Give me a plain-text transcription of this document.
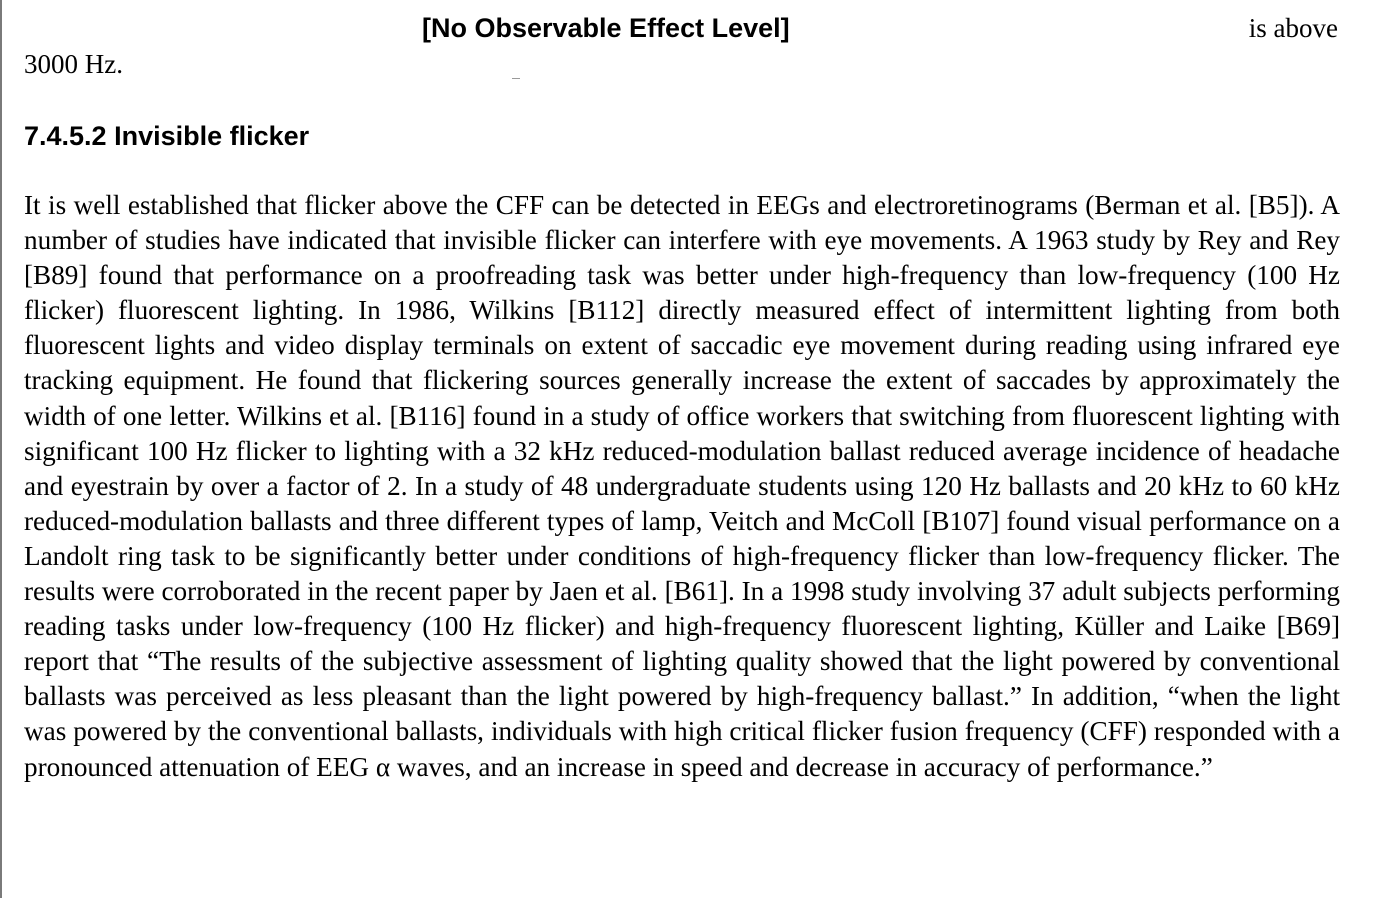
[No Observable Effect Level]	is above
3000 Hz.
7.4.5.2 Invisible flicker

It is well established that flicker above the CFF can be detected in EEGs and electroretinograms (Berman et al. [B5]). A number of studies have indicated that invisible flicker can interfere with eye movements. A 1963 study by Rey and Rey [B89] found that performance on a proofreading task was better under high-frequency than low-frequency (100 Hz flicker) fluorescent lighting. In 1986, Wilkins [B112] directly measured effect of intermittent lighting from both fluorescent lights and video display terminals on extent of saccadic eye movement during reading using infrared eye tracking equipment. He found that flickering sources generally increase the extent of saccades by approximately the width of one letter. Wilkins et al. [B116] found in a study of office workers that switching from fluorescent lighting with significant 100 Hz flicker to lighting with a 32 kHz reduced-modulation ballast reduced average incidence of headache and eyestrain by over a factor of 2. In a study of 48 undergraduate students using 120 Hz ballasts and 20 kHz to 60 kHz reduced-modulation ballasts and three different types of lamp, Veitch and McColl [B107] found visual performance on a Landolt ring task to be significantly better under conditions of high-frequency flicker than low-frequency flicker. The results were corroborated in the recent paper by Jaen et al. [B61]. In a 1998 study involving 37 adult subjects performing reading tasks under low-frequency (100 Hz flicker) and high-frequency fluorescent lighting, Küller and Laike [B69] report that “The results of the subjective assessment of lighting quality showed that the light powered by conventional ballasts was perceived as less pleasant than the light powered by high-frequency ballast.” In addition, “when the light was powered by the conventional ballasts, individuals with high critical flicker fusion frequency (CFF) responded with a pronounced attenuation of EEG α waves, and an increase in speed and decrease in accuracy of performance.”
